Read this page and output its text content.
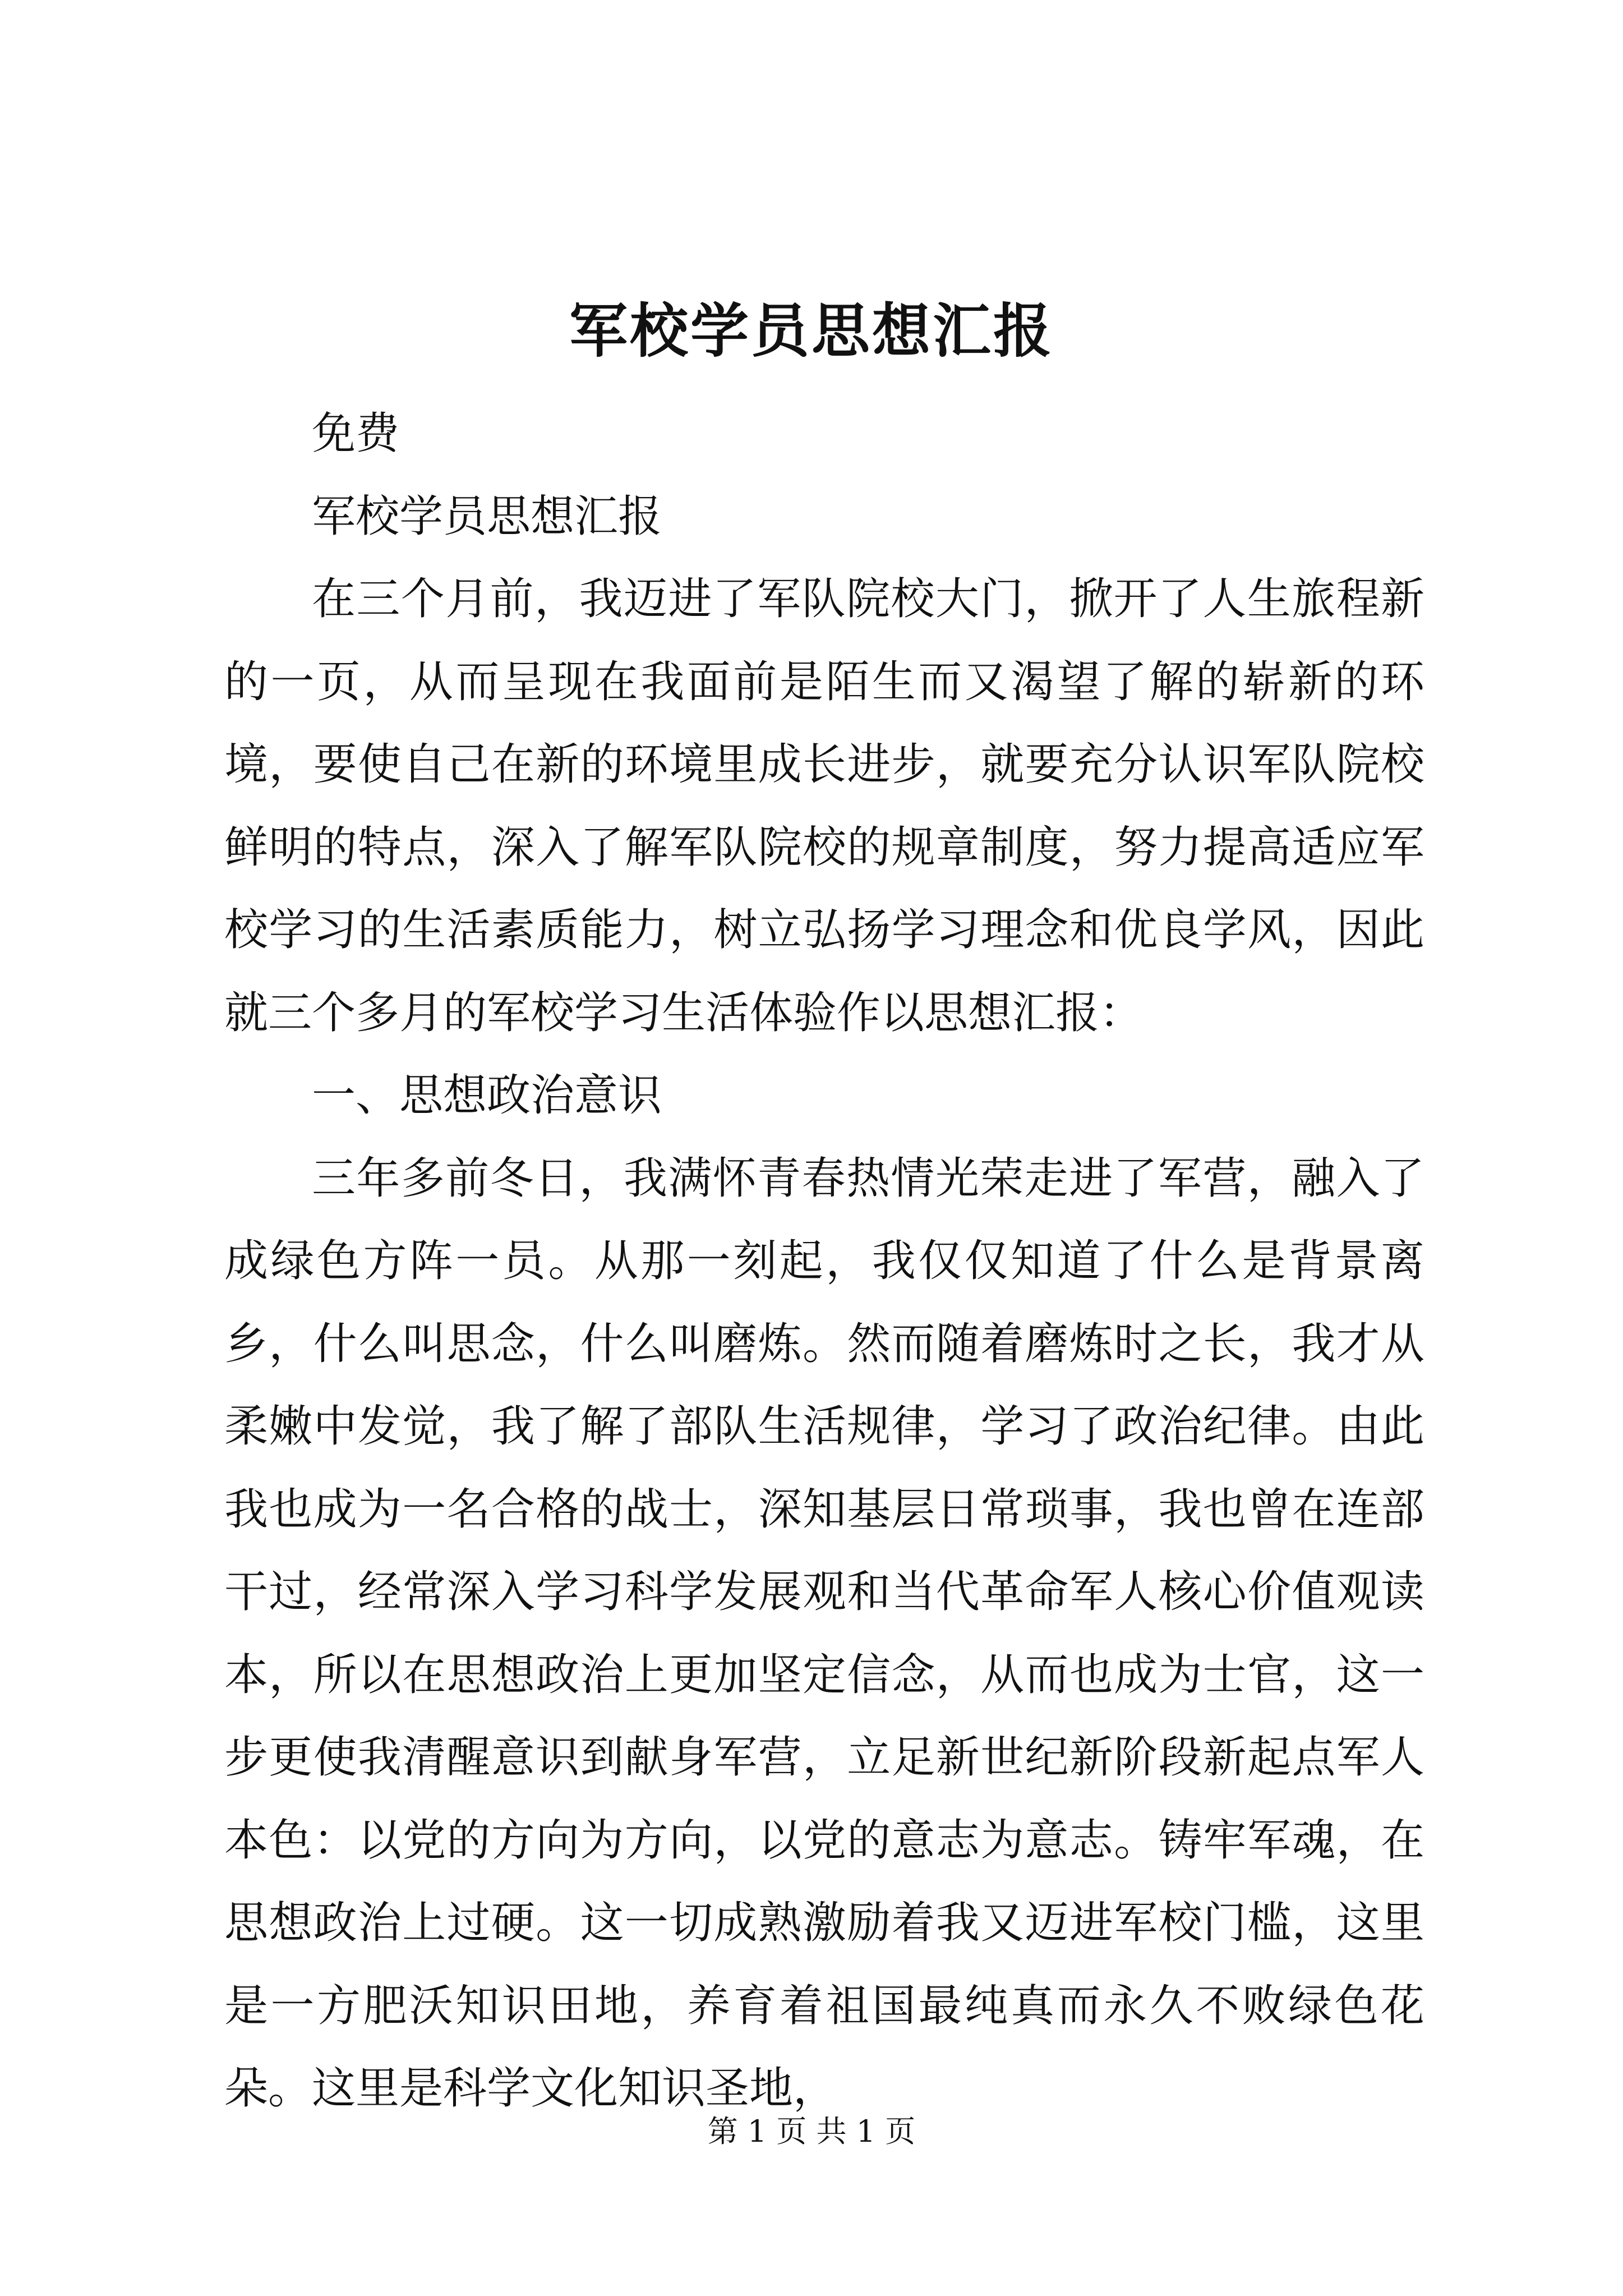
军校学员思想汇报

免费

军校学员思想汇报

在三个月前，我迈进了军队院校大门，掀开了人生旅程新的一页，从而呈现在我面前是陌生而又渴望了解的崭新的环境，要使自己在新的环境里成长进步，就要充分认识军队院校鲜明的特点，深入了解军队院校的规章制度，努力提高适应军校学习的生活素质能力，树立弘扬学习理念和优良学风，因此就三个多月的军校学习生活体验作以思想汇报：

一、思想政治意识

三年多前冬日，我满怀青春热情光荣走进了军营，融入了成绿色方阵一员。从那一刻起，我仅仅知道了什么是背景离乡，什么叫思念，什么叫磨炼。然而随着磨炼时之长，我才从柔嫩中发觉，我了解了部队生活规律，学习了政治纪律。由此我也成为一名合格的战士，深知基层日常琐事，我也曾在连部干过，经常深入学习科学发展观和当代革命军人核心价值观读本，所以在思想政治上更加坚定信念，从而也成为士官，这一步更使我清醒意识到献身军营，立足新世纪新阶段新起点军人本色：以党的方向为方向，以党的意志为意志。铸牢军魂，在思想政治上过硬。这一切成熟激励着我又迈进军校门槛，这里是一方肥沃知识田地，养育着祖国最纯真而永久不败绿色花朵。这里是科学文化知识圣地，

第 1 页 共 1 页
